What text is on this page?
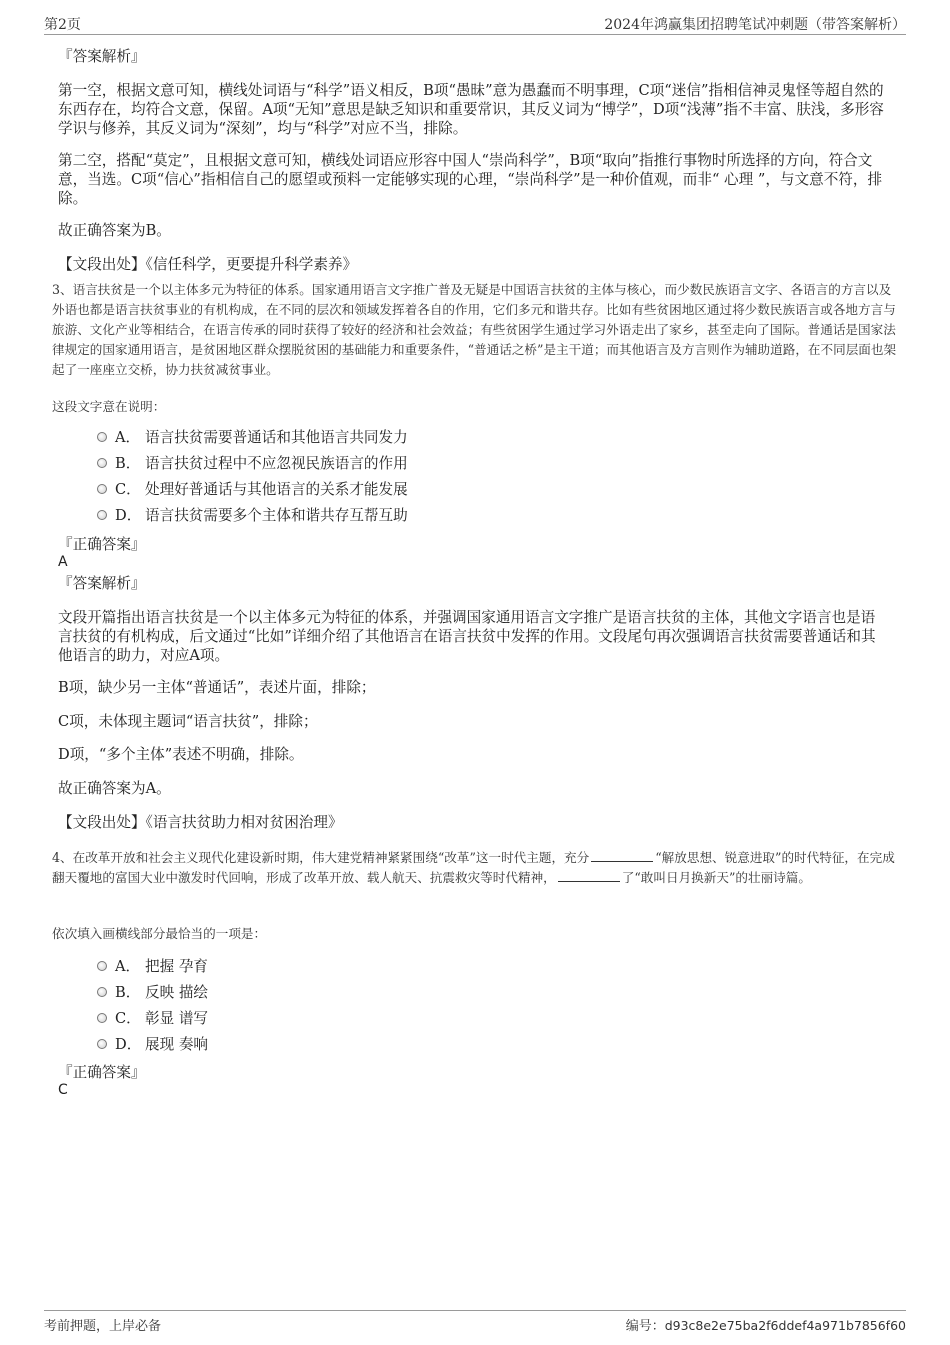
第2页	2024年鸿赢集团招聘笔试冲刺题（带答案解析）
『答案解析』

第一空，根据文意可知，横线处词语与“科学”语义相反，B项“愚昧”意为愚蠢而不明事理，C项“迷信”指相信神灵鬼怪等超自然的东西存在，均符合文意，保留。A项“无知”意思是缺乏知识和重要常识，其反义词为“博学”，D项“浅薄”指不丰富、肤浅，多形容学识与修养，其反义词为“深刻”，均与“科学”对应不当，排除。

第二空，搭配“莫定”，且根据文意可知，横线处词语应形容中国人“崇尚科学”，B项“取向”指推行事物时所选择的方向，符合文意，当选。C项“信心”指相信自己的愿望或预料一定能够实现的心理，“崇尚科学”是一种价值观，而非“ 心理 ”，与文意不符，排除。

故正确答案为B。
【文段出处】《信任科学，更要提升科学素养》
3、语言扶贫是一个以主体多元为特征的体系。国家通用语言文字推广普及无疑是中国语言扶贫的主体与核心，而少数民族语言文字、各语言的方言以及外语也都是语言扶贫事业的有机构成，在不同的层次和领域发挥着各自的作用，它们多元和谐共存。比如有些贫困地区通过将少数民族语言或各地方言与旅游、文化产业等相结合，在语言传承的同时获得了较好的经济和社会效益；有些贫困学生通过学习外语走出了家乡，甚至走向了国际。普通话是国家法律规定的国家通用语言，是贫困地区群众摆脱贫困的基础能力和重要条件，“普通话之桥”是主干道；而其他语言及方言则作为辅助道路，在不同层面也架起了一座座立交桥，协力扶贫减贫事业。
这段文字意在说明：
A． 语言扶贫需要普通话和其他语言共同发力
B． 语言扶贫过程中不应忽视民族语言的作用
C． 处理好普通话与其他语言的关系才能发展
D． 语言扶贫需要多个主体和谐共存互帮互助
『正确答案』
A
『答案解析』

文段开篇指出语言扶贫是一个以主体多元为特征的体系，并强调国家通用语言文字推广是语言扶贫的主体，其他文字语言也是语言扶贫的有机构成，后文通过“比如”详细介绍了其他语言在语言扶贫中发挥的作用。文段尾句再次强调语言扶贫需要普通话和其他语言的助力，对应A项。

B项，缺少另一主体“普通话”，表述片面，排除；
C项，未体现主题词“语言扶贫”，排除；
D项，“多个主体”表述不明确，排除。
故正确答案为A。
【文段出处】《语言扶贫助力相对贫困治理》
4、在改革开放和社会主义现代化建设新时期，伟大建党精神紧紧围绕“改革”这一时代主题，充分	“解放思想、锐意进取”的时代特征，在完成翻天覆地的富国大业中激发时代回响，形成了改革开放、载人航天、抗震救灾等时代精神，	了“敢叫日月换新天”的壮丽诗篇。
依次填入画横线部分最恰当的一项是：
A． 把握 孕育
B． 反映 描绘
C． 彰显 谱写
D． 展现 奏响
『正确答案』
C
考前押题，上岸必备	编号：d93c8e2e75ba2f6ddef4a971b7856f60
